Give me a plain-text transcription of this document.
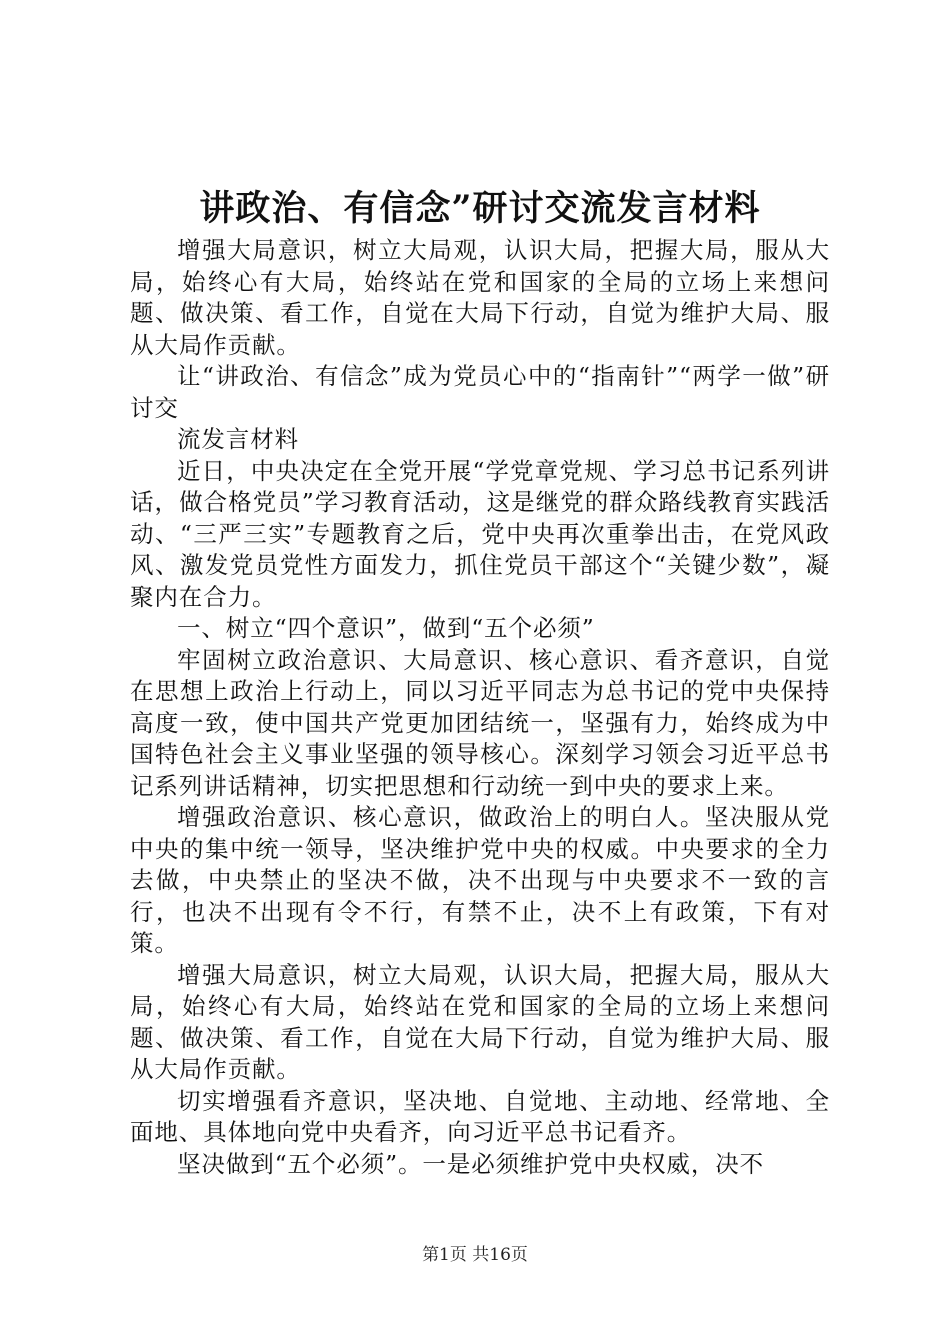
讲政治、有信念”研讨交流发言材料

增强大局意识，树立大局观，认识大局，把握大局，服从大局，始终心有大局，始终站在党和国家的全局的立场上来想问题、做决策、看工作，自觉在大局下行动，自觉为维护大局、服从大局作贡献。

让“讲政治、有信念”成为党员心中的“指南针”“两学一做”研讨交

流发言材料

近日，中央决定在全党开展“学党章党规、学习总书记系列讲话，做合格党员”学习教育活动，这是继党的群众路线教育实践活动、“三严三实”专题教育之后，党中央再次重拳出击，在党风政风、激发党员党性方面发力，抓住党员干部这个“关键少数”，凝聚内在合力。

一、树立“四个意识”，做到“五个必须”

牢固树立政治意识、大局意识、核心意识、看齐意识，自觉在思想上政治上行动上，同以习近平同志为总书记的党中央保持高度一致，使中国共产党更加团结统一，坚强有力，始终成为中国特色社会主义事业坚强的领导核心。深刻学习领会习近平总书记系列讲话精神，切实把思想和行动统一到中央的要求上来。

增强政治意识、核心意识，做政治上的明白人。坚决服从党中央的集中统一领导，坚决维护党中央的权威。中央要求的全力去做，中央禁止的坚决不做，决不出现与中央要求不一致的言行，也决不出现有令不行，有禁不止，决不上有政策，下有对策。

增强大局意识，树立大局观，认识大局，把握大局，服从大局，始终心有大局，始终站在党和国家的全局的立场上来想问题、做决策、看工作，自觉在大局下行动，自觉为维护大局、服从大局作贡献。

切实增强看齐意识，坚决地、自觉地、主动地、经常地、全面地、具体地向党中央看齐，向习近平总书记看齐。

坚决做到“五个必须”。一是必须维护党中央权威，决不

第1页 共16页
